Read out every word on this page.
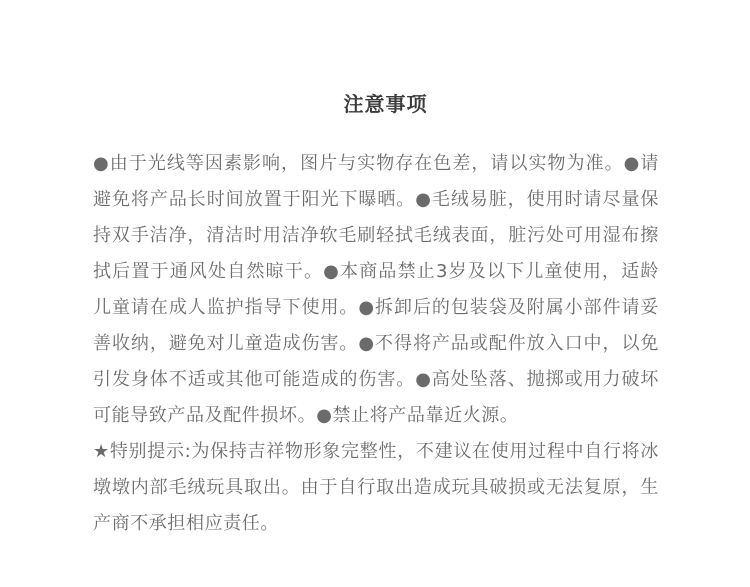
注意事项

●由于光线等因素影响，图片与实物存在色差，请以实物为准。●请避免将产品长时间放置于阳光下曝晒。●毛绒易脏，使用时请尽量保持双手洁净，清洁时用洁净软毛刷轻拭毛绒表面，脏污处可用湿布擦拭后置于通风处自然晾干。●本商品禁止3岁及以下儿童使用，适龄儿童请在成人监护指导下使用。●拆卸后的包装袋及附属小部件请妥善收纳，避免对儿童造成伤害。●不得将产品或配件放入口中，以免引发身体不适或其他可能造成的伤害。●高处坠落、抛掷或用力破坏可能导致产品及配件损坏。●禁止将产品靠近火源。

★特别提示:为保持吉祥物形象完整性，不建议在使用过程中自行将冰墩墩内部毛绒玩具取出。由于自行取出造成玩具破损或无法复原，生产商不承担相应责任。
